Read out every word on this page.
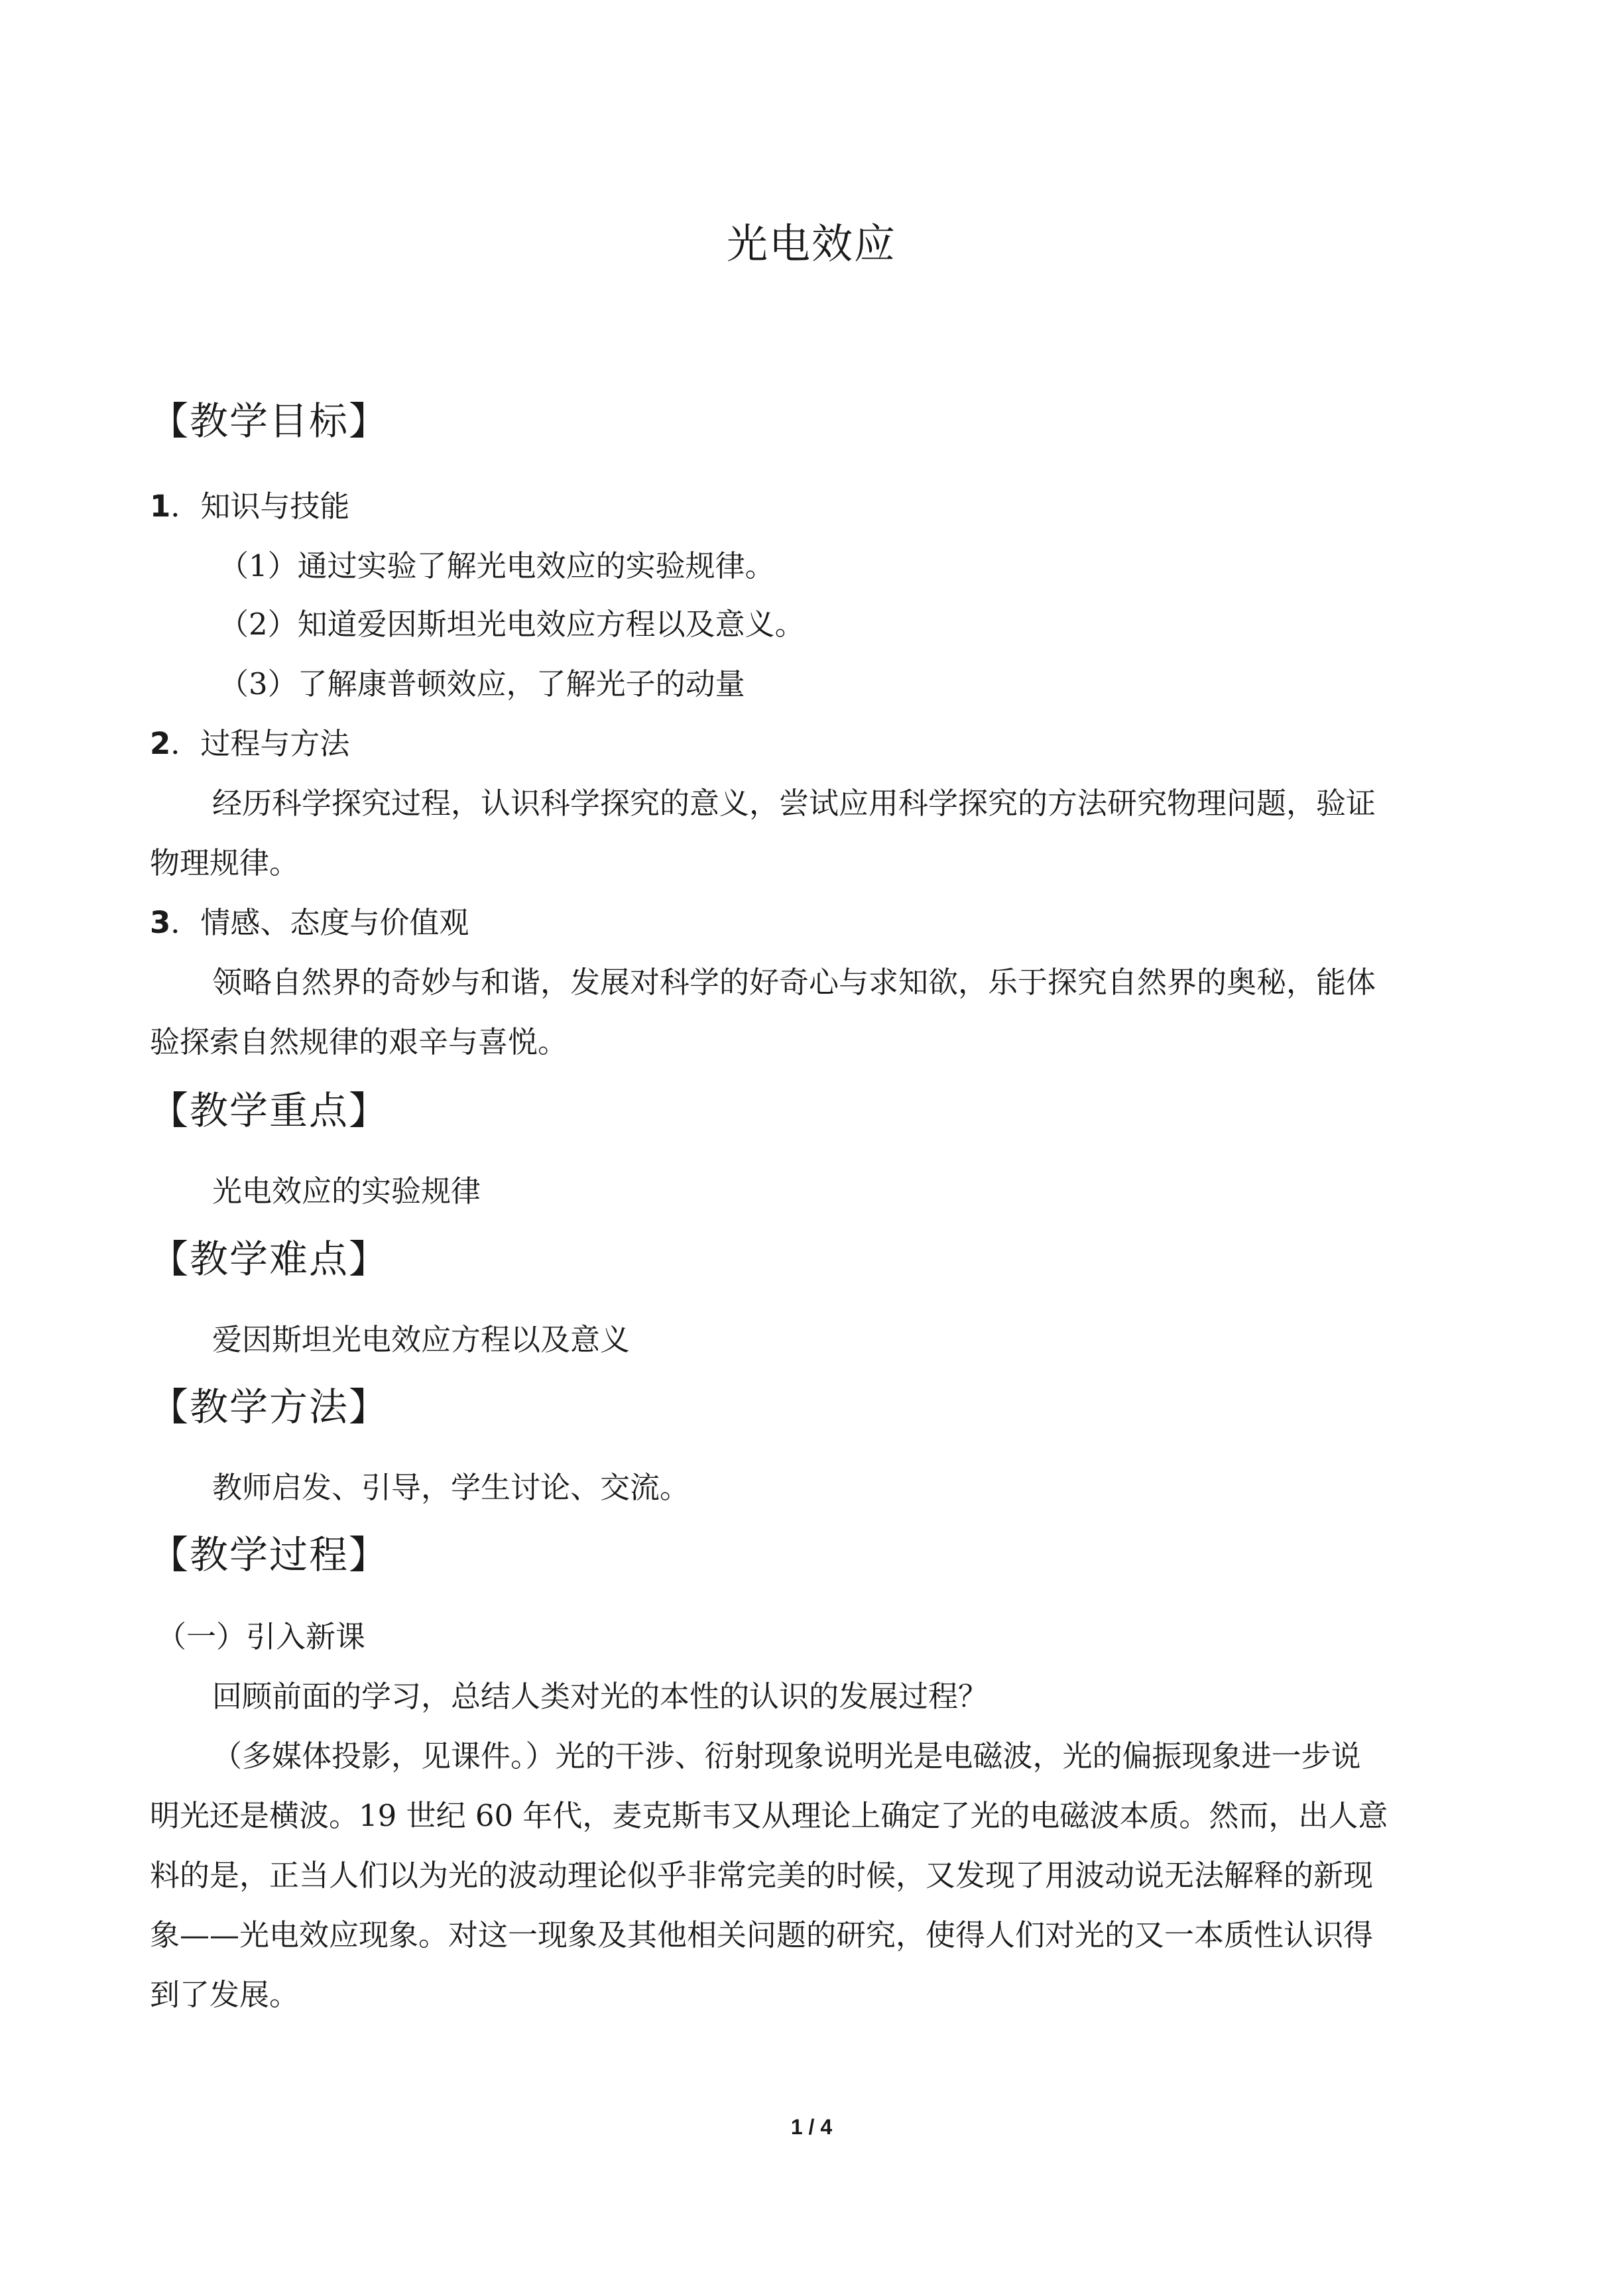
光电效应
【教学目标】
1．知识与技能
（1）通过实验了解光电效应的实验规律。
（2）知道爱因斯坦光电效应方程以及意义。
（3）了解康普顿效应，了解光子的动量
2．过程与方法
经历科学探究过程，认识科学探究的意义，尝试应用科学探究的方法研究物理问题，验证
物理规律。
3．情感、态度与价值观
领略自然界的奇妙与和谐，发展对科学的好奇心与求知欲，乐于探究自然界的奥秘，能体
验探索自然规律的艰辛与喜悦。
【教学重点】
光电效应的实验规律
【教学难点】
爱因斯坦光电效应方程以及意义
【教学方法】
教师启发、引导，学生讨论、交流。
【教学过程】
（一）引入新课
回顾前面的学习，总结人类对光的本性的认识的发展过程？
（多媒体投影，见课件。）光的干涉、衍射现象说明光是电磁波，光的偏振现象进一步说
明光还是横波。19 世纪 60 年代，麦克斯韦又从理论上确定了光的电磁波本质。然而，出人意
料的是，正当人们以为光的波动理论似乎非常完美的时候，又发现了用波动说无法解释的新现
象——光电效应现象。对这一现象及其他相关问题的研究，使得人们对光的又一本质性认识得
到了发展。
1 / 4
